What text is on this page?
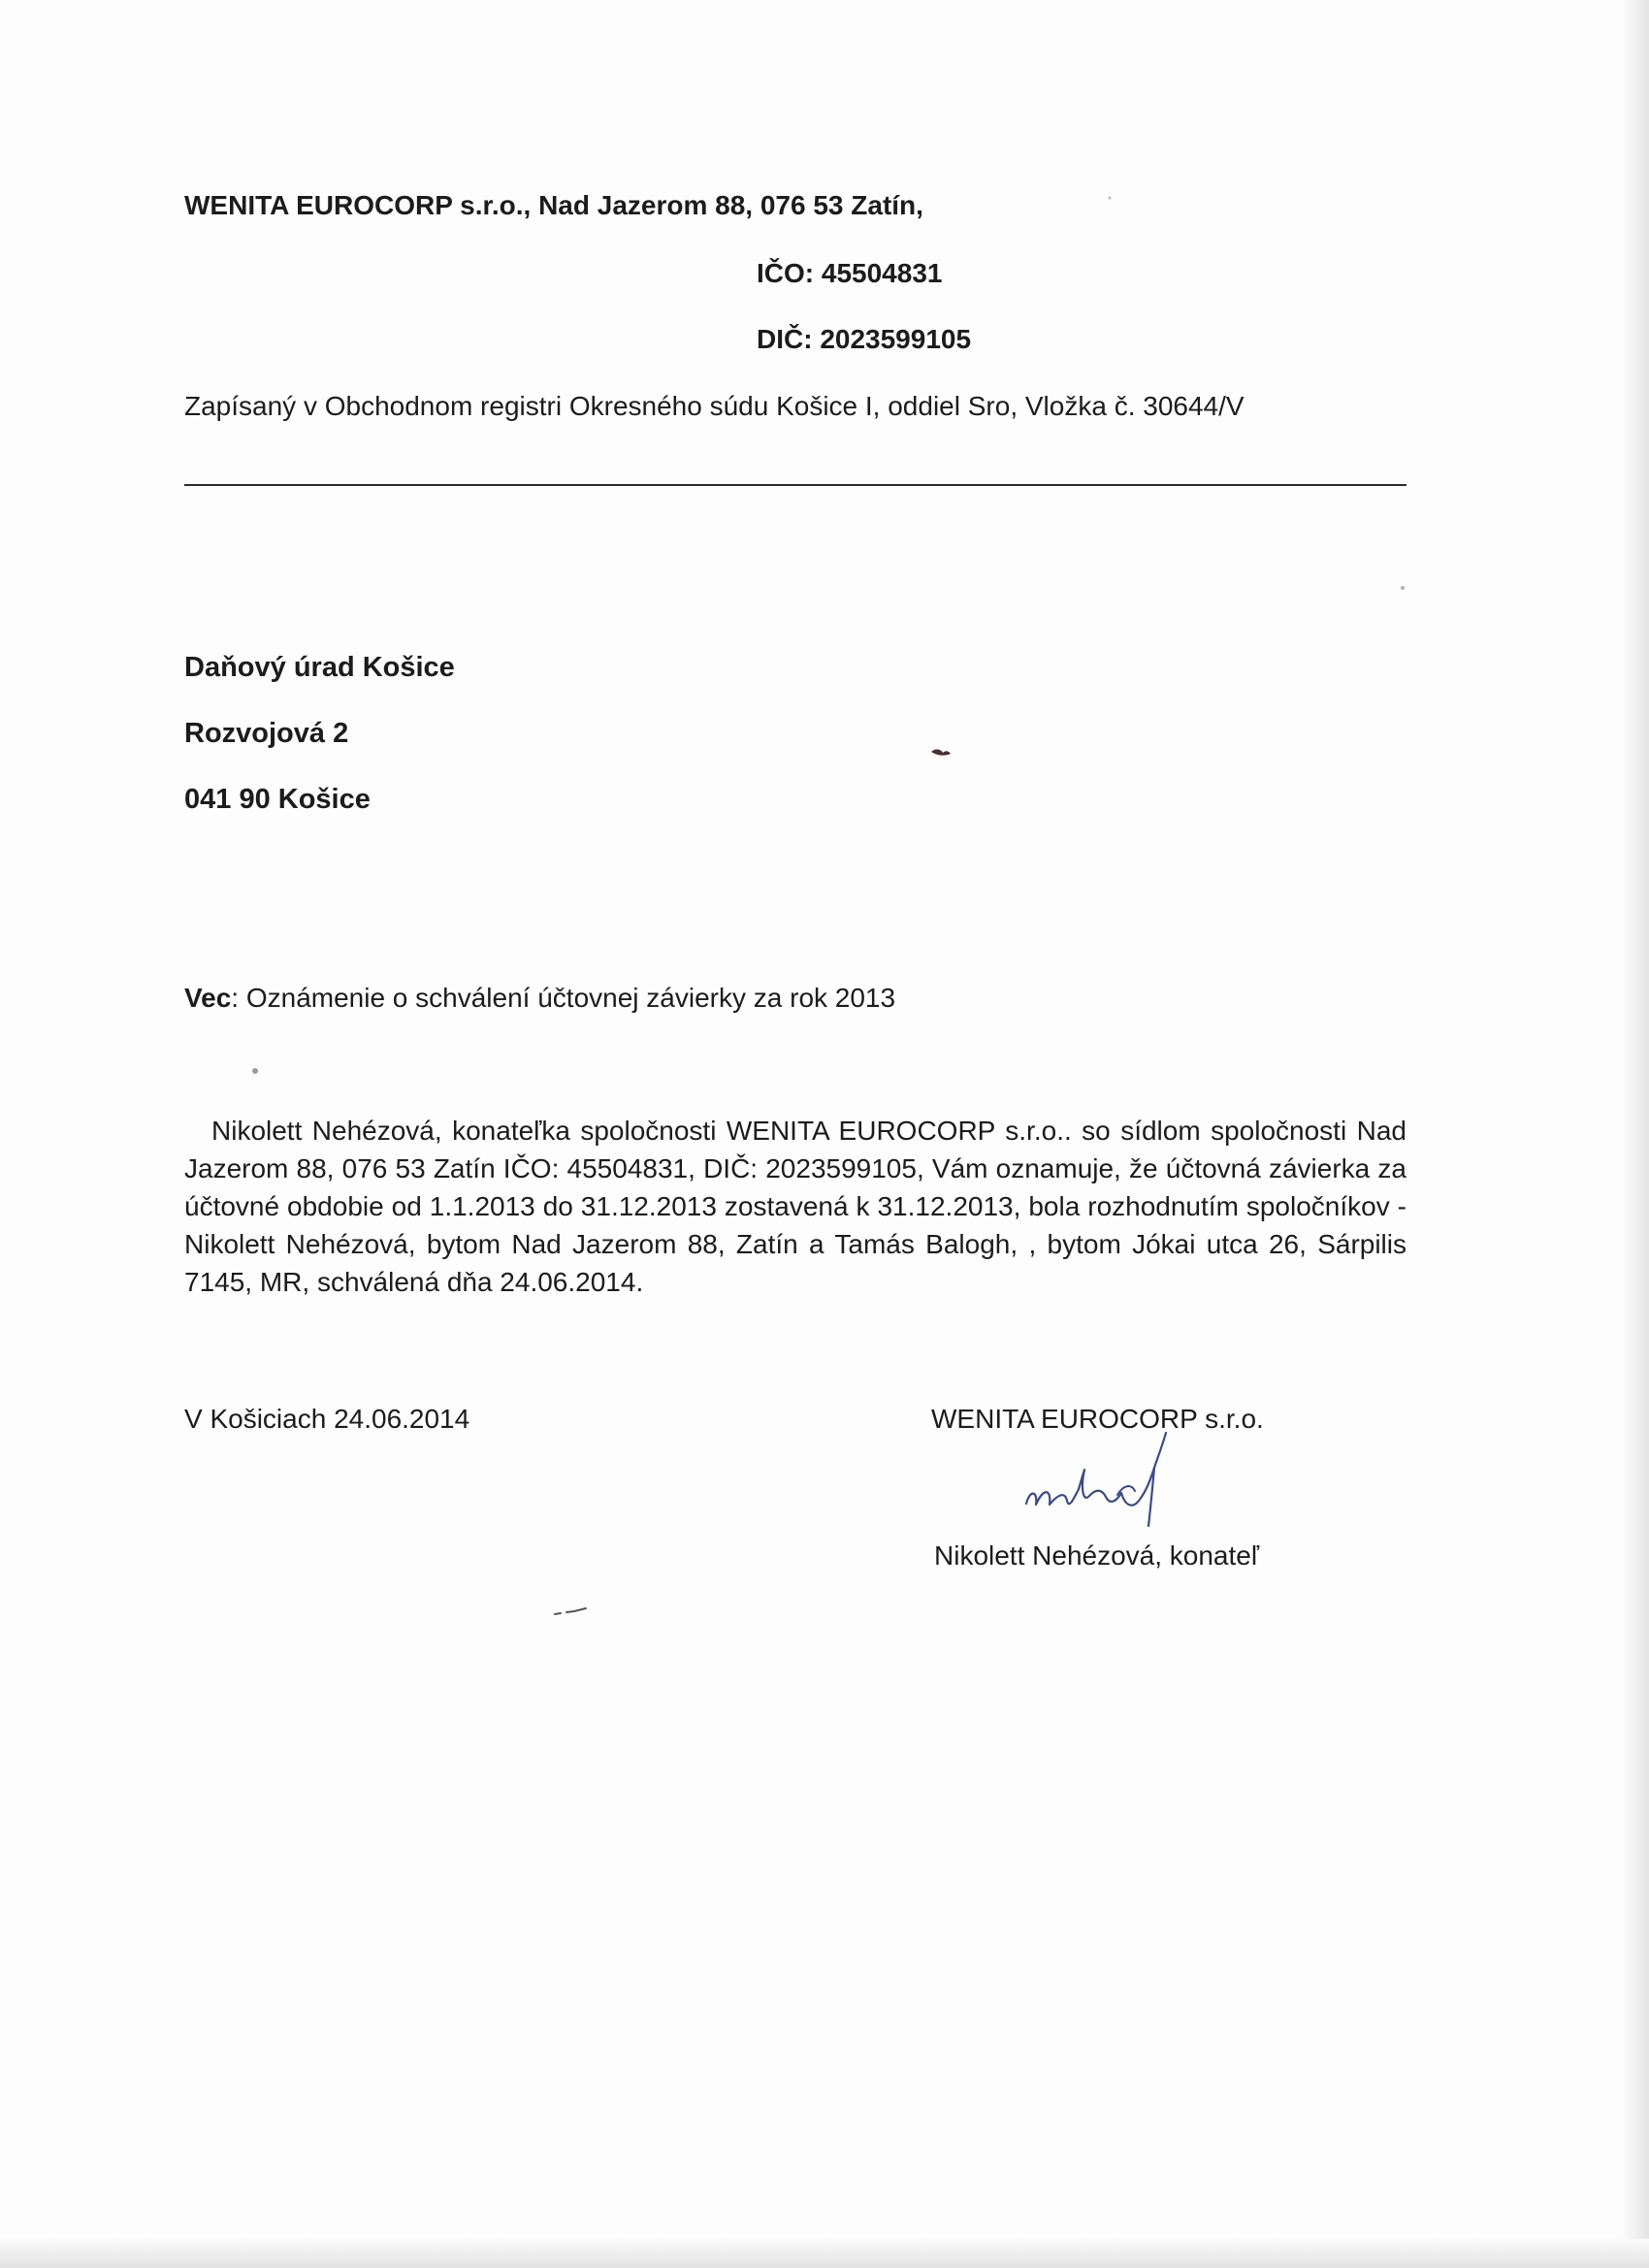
WENITA EUROCORP s.r.o., Nad Jazerom 88, 076 53 Zatín,
IČO: 45504831
DIČ: 2023599105
Zapísaný v Obchodnom registri Okresného súdu Košice I, oddiel Sro, Vložka č. 30644/V
Daňový úrad Košice
Rozvojová 2
041 90 Košice
Vec: Oznámenie o schválení účtovnej závierky za rok 2013
Nikolett Nehézová, konateľka spoločnosti WENITA EUROCORP s.r.o.. so sídlom spoločnosti Nad Jazerom 88, 076 53 Zatín IČO: 45504831, DIČ: 2023599105, Vám oznamuje, že účtovná závierka za účtovné obdobie od 1.1.2013 do 31.12.2013 zostavená k 31.12.2013, bola rozhodnutím spoločníkov - Nikolett Nehézová, bytom Nad Jazerom 88, Zatín a Tamás Balogh, , bytom Jókai utca 26, Sárpilis 7145, MR, schválená dňa 24.06.2014.
V Košiciach 24.06.2014	WENITA EUROCORP s.r.o.
Nikolett Nehézová, konateľ
